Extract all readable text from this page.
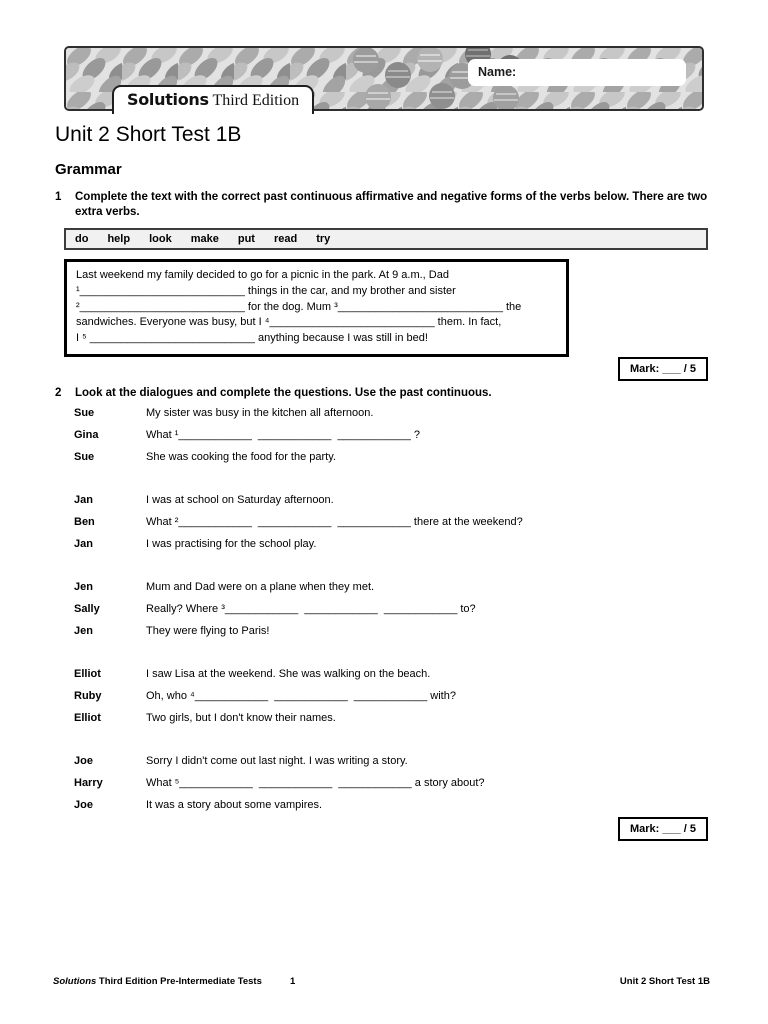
Name:
Solutions Third Edition
Unit 2 Short Test 1B
Grammar
1	Complete the text with the correct past continuous affirmative and negative forms of the verbs below. There are two extra verbs.
do help look make put read try
Last weekend my family decided to go for a picnic in the park. At 9 a.m., Dad
¹___________________________ things in the car, and my brother and sister
²___________________________ for the dog. Mum ³___________________________ the
sandwiches. Everyone was busy, but I ⁴___________________________ them. In fact,
I ⁵ ___________________________ anything because I was still in bed!
Mark: ___ / 5
2	Look at the dialogues and complete the questions. Use the past continuous.
Sue	My sister was busy in the kitchen all afternoon.
Gina	What ¹____________  ____________  ____________ ?
Sue	She was cooking the food for the party.
Jan	I was at school on Saturday afternoon.
Ben	What ²____________  ____________  ____________ there at the weekend?
Jan	I was practising for the school play.
Jen	Mum and Dad were on a plane when they met.
Sally	Really? Where ³____________  ____________  ____________ to?
Jen	They were flying to Paris!
Elliot	I saw Lisa at the weekend. She was walking on the beach.
Ruby	Oh, who ⁴____________  ____________  ____________ with?
Elliot	Two girls, but I don't know their names.
Joe	Sorry I didn't come out last night. I was writing a story.
Harry	What ⁵____________  ____________  ____________ a story about?
Joe	It was a story about some vampires.
Mark: ___ / 5
Solutions Third Edition Pre-Intermediate Tests	1	Unit 2 Short Test 1B
